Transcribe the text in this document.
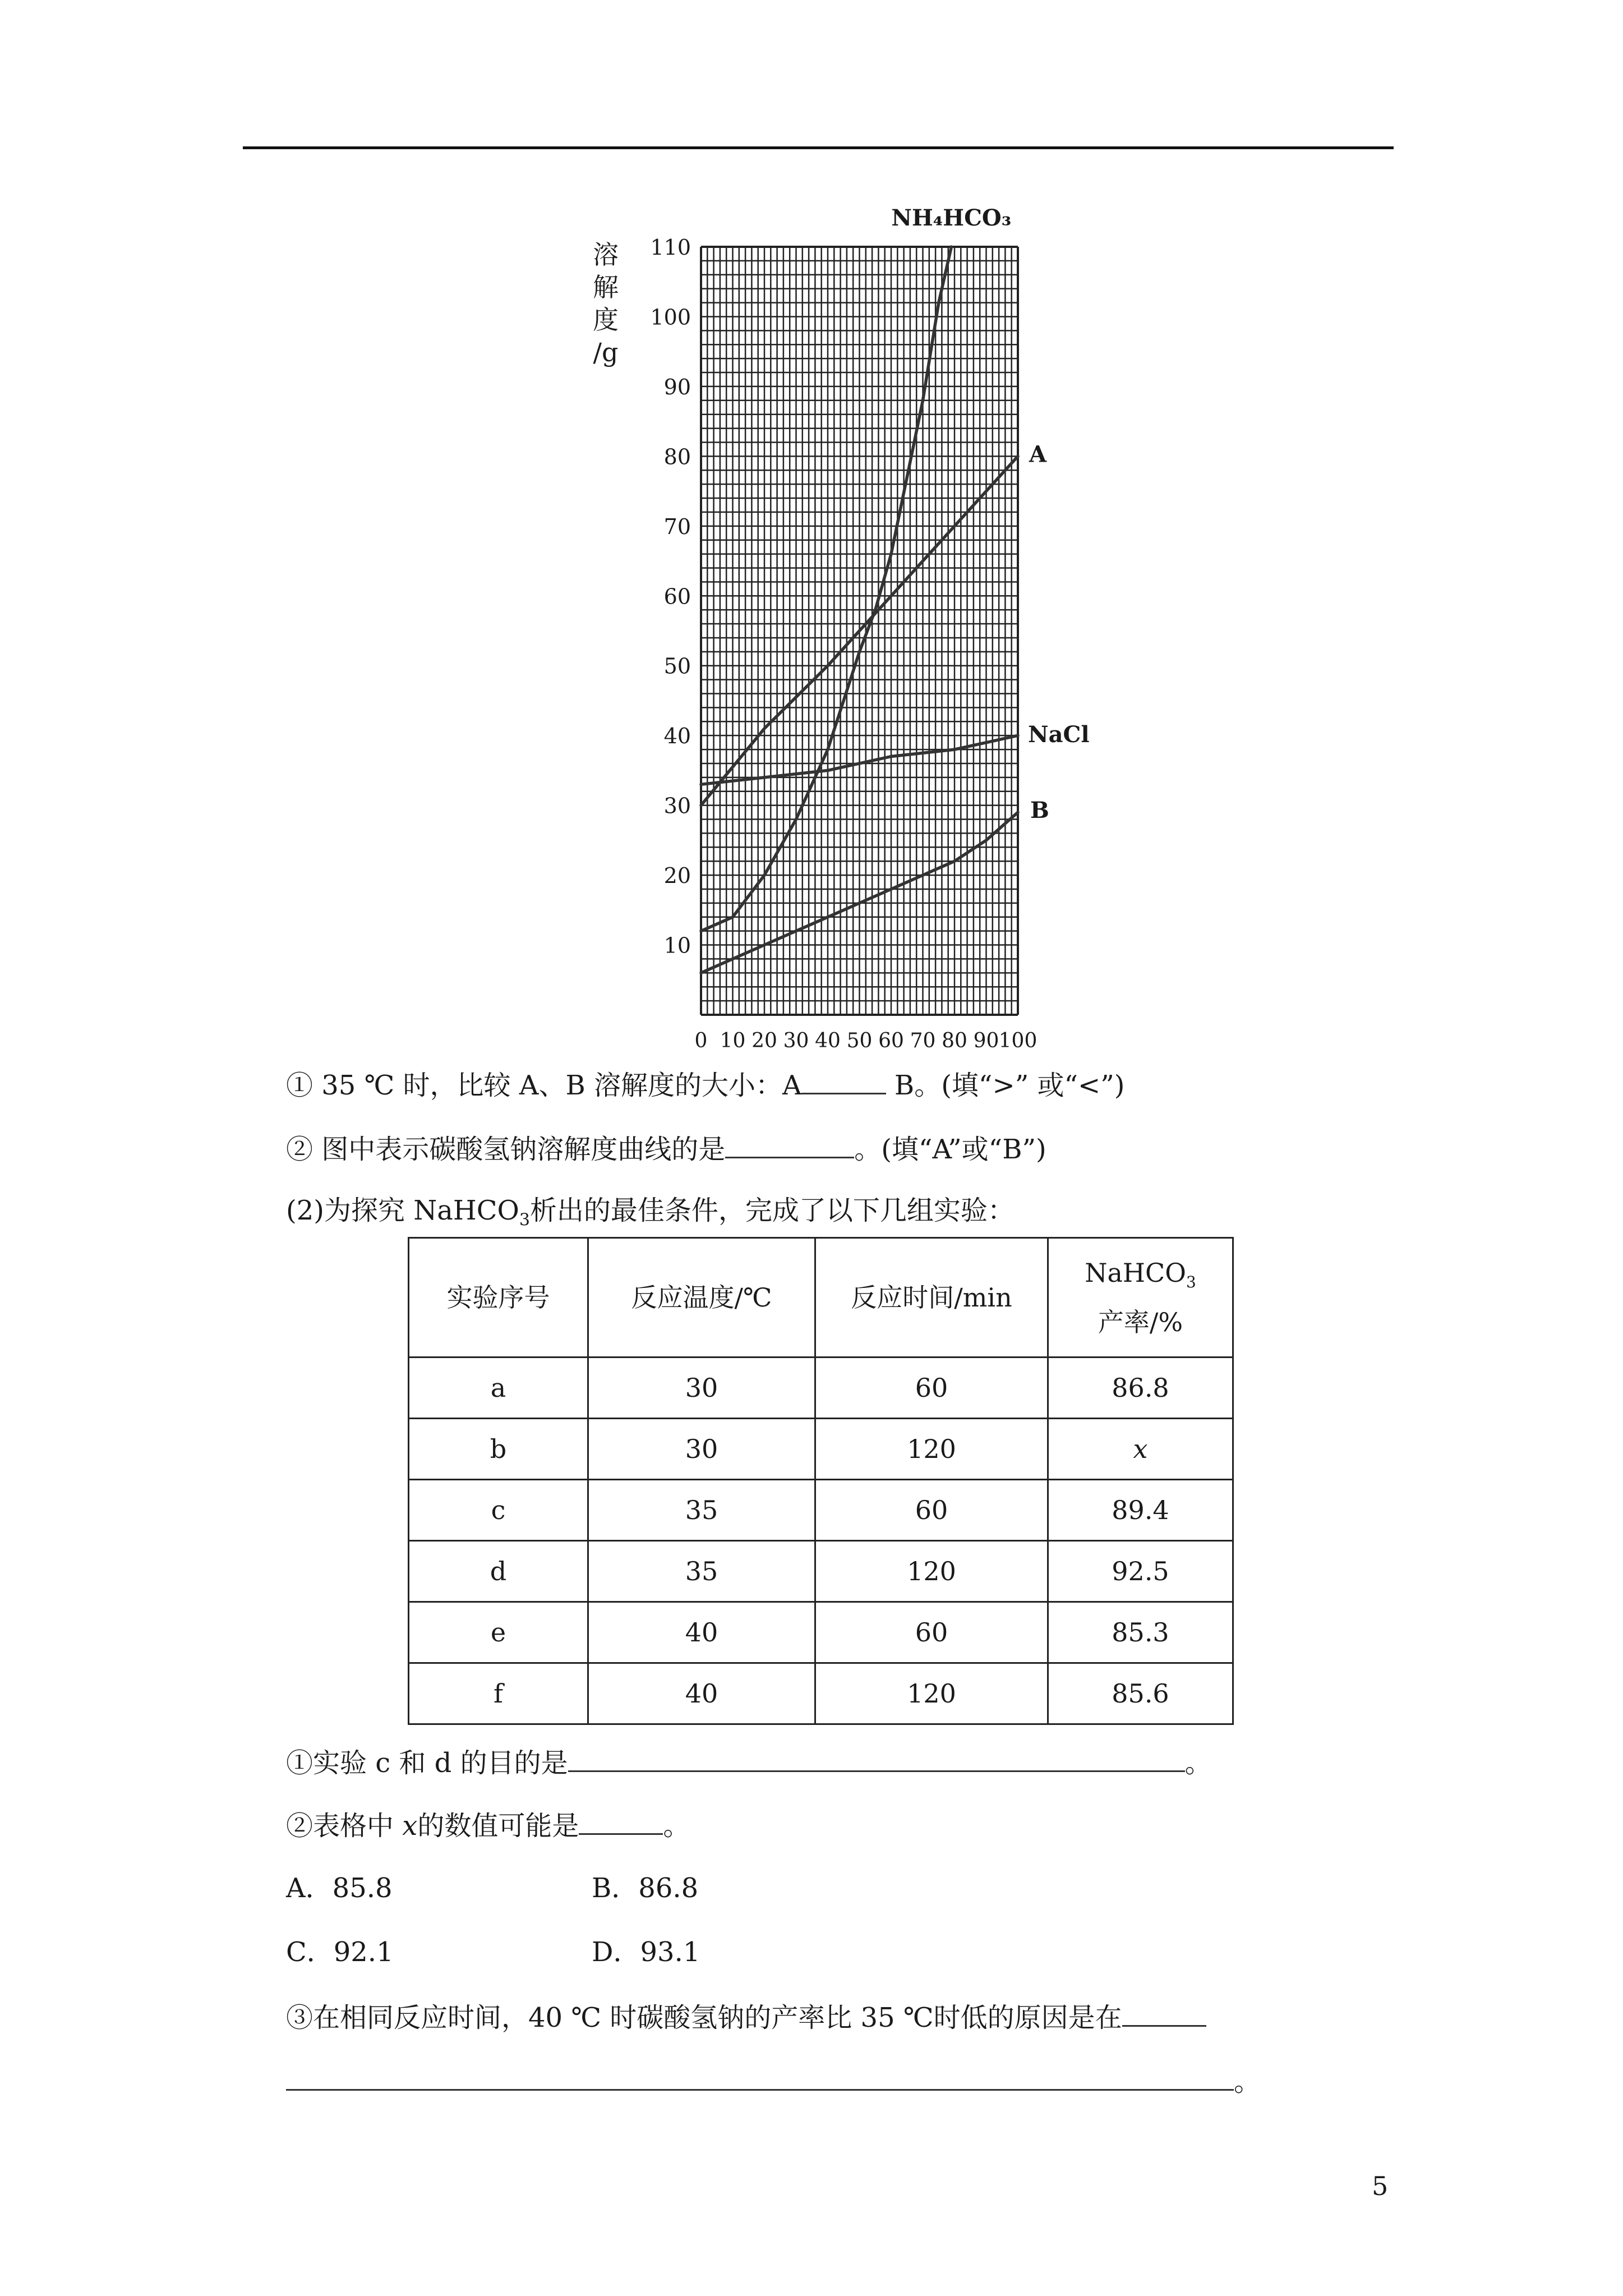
溶
解
度
/g
10
20
30
40
50
60
70
80
90
100
110
0 10 20 30 40 50 60 70 80 90 100
NH₄HCO₃
A
NaCl
B
① 35 ℃ 时，比较 A、B 溶解度的大小：A	B。(填“>” 或“<”)
② 图中表示碳酸氢钠溶解度曲线的是	。(填“A”或“B”)
(2)为探究 NaHCO$_3$析出的最佳条件，完成了以下几组实验：
实验序号	反应温度/℃	反应时间/min	NaHCO$_3$
产率/%
a	30	60	86.8
b	30	120	x
c	35	60	89.4
d	35	120	92.5
e	40	60	85.3
f	40	120	85.6
①实验 c 和 d 的目的是	。
②表格中 x的数值可能是	。
A．85.8	B．86.8
C．92.1	D．93.1
③在相同反应时间，40 ℃ 时碳酸氢钠的产率比 35 ℃时低的原因是在
。
5
